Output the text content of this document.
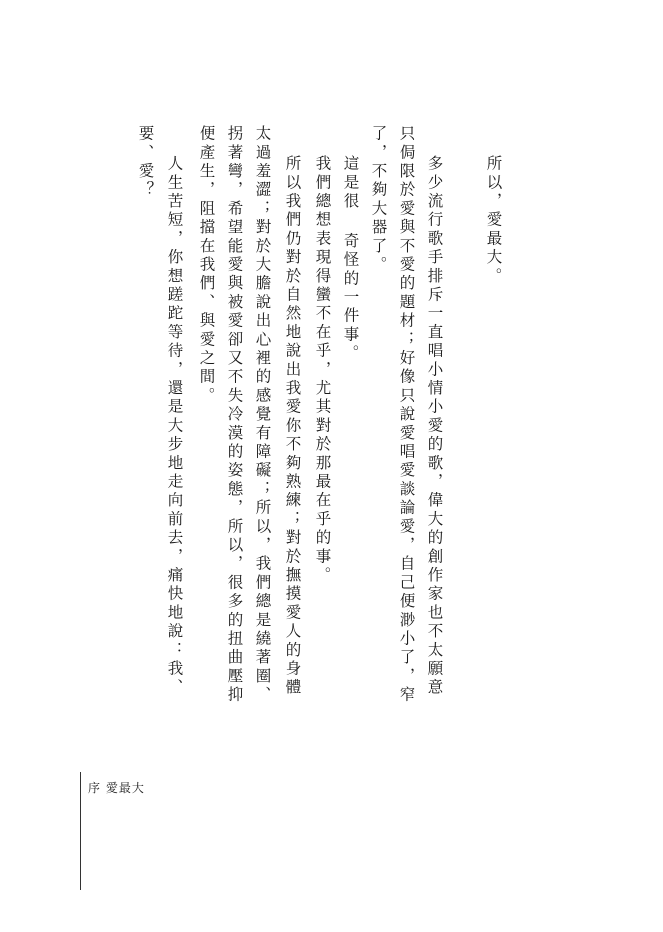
所以，愛最大。

多少流行歌手排斥一直唱小情小愛的歌，偉大的創作家也不太願意

只侷限於愛與不愛的題材；好像只說愛唱愛談論愛，自己便渺小了，窄

了，不夠大器了。

這是很 奇怪的一件事。

我們總想表現得蠻不在乎，尤其對於那最在乎的事。

所以我們仍對於自然地說出我愛你不夠熟練；對於撫摸愛人的身體

太過羞澀；對於大膽說出心裡的感覺有障礙；所以，我們總是繞著圈、

拐著彎，希望能愛與被愛卻又不失冷漠的姿態，所以，很多的扭曲壓抑

便產生，阻擋在我們、與愛之間。

人生苦短，你想蹉跎等待，還是大步地走向前去，痛快地說：我、

要、愛？

序 愛最大
